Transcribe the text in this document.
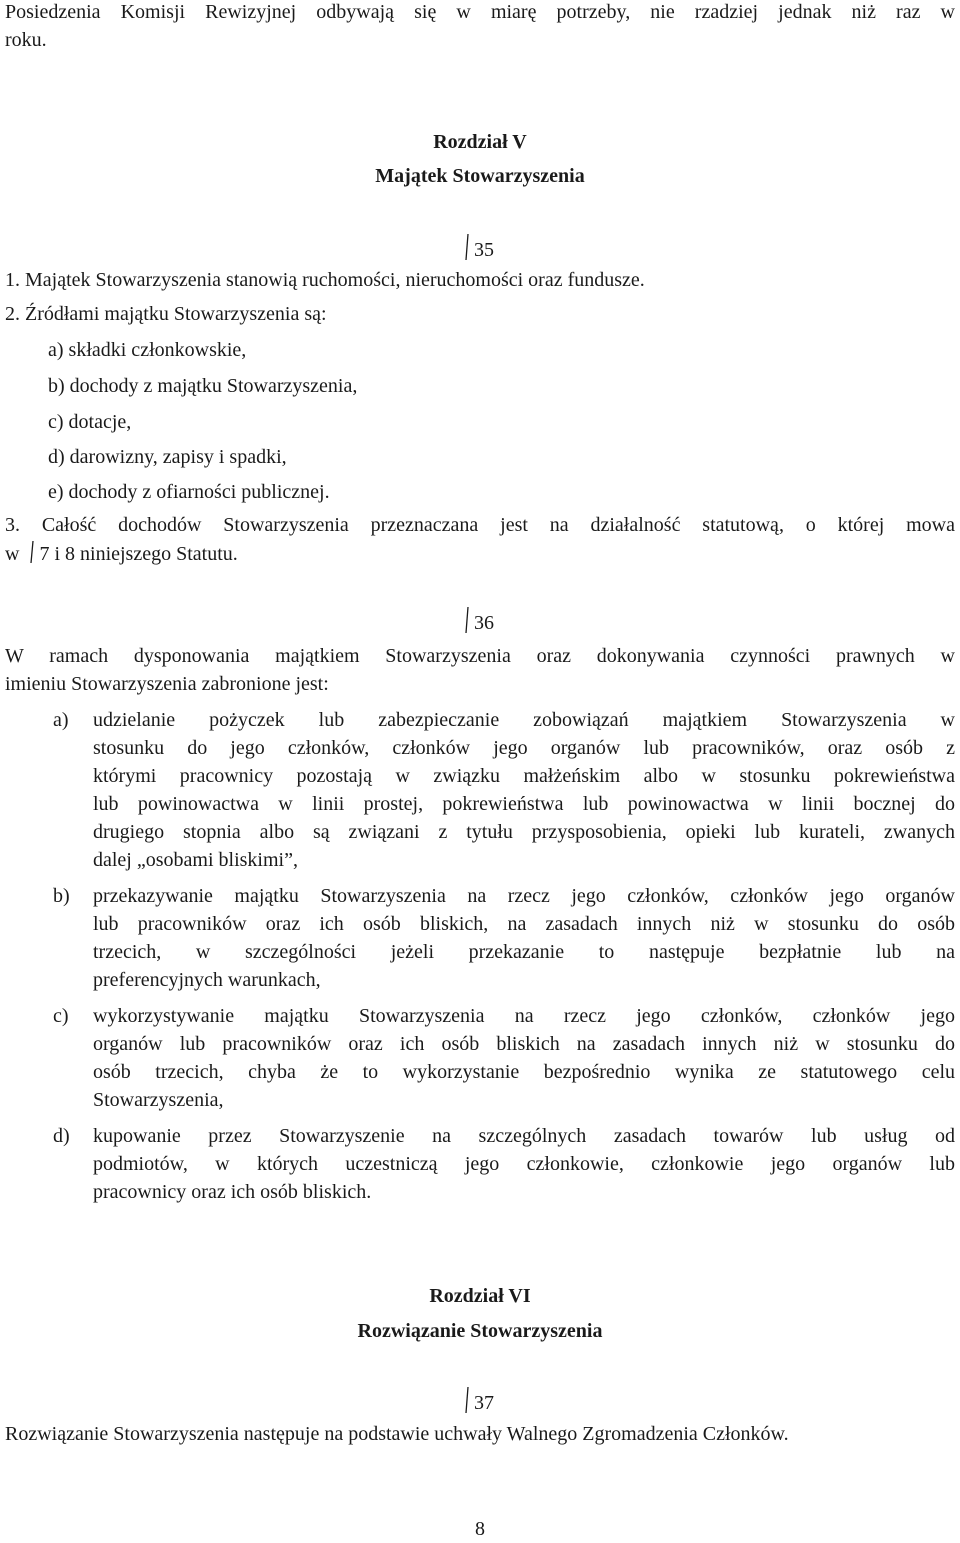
Posiedzenia Komisji Rewizyjnej odbywają się w miarę potrzeby, nie rzadziej jednak niż raz w
roku.
Rozdział V
Majątek Stowarzyszenia
35
1. Majątek Stowarzyszenia stanowią ruchomości, nieruchomości oraz fundusze.
2. Źródłami majątku Stowarzyszenia są:
a) składki członkowskie,
b) dochody z majątku Stowarzyszenia,
c) dotacje,
d) darowizny, zapisy i spadki,
e) dochody z ofiarności publicznej.
3. Całość dochodów Stowarzyszenia przeznaczana jest na działalność statutową, o której mowa
w 7 i 8 niniejszego Statutu.
36
W ramach dysponowania majątkiem Stowarzyszenia oraz dokonywania czynności prawnych w
imieniu Stowarzyszenia zabronione jest:
a) udzielanie pożyczek lub zabezpieczanie zobowiązań majątkiem Stowarzyszenia w
stosunku do jego członków, członków jego organów lub pracowników, oraz osób z
którymi pracownicy pozostają w związku małżeńskim albo w stosunku pokrewieństwa
lub powinowactwa w linii prostej, pokrewieństwa lub powinowactwa w linii bocznej do
drugiego stopnia albo są związani z tytułu przysposobienia, opieki lub kurateli, zwanych
dalej „osobami bliskimi”,
b) przekazywanie majątku Stowarzyszenia na rzecz jego członków, członków jego organów
lub pracowników oraz ich osób bliskich, na zasadach innych niż w stosunku do osób
trzecich, w szczególności jeżeli przekazanie to następuje bezpłatnie lub na
preferencyjnych warunkach,
c) wykorzystywanie majątku Stowarzyszenia na rzecz jego członków, członków jego
organów lub pracowników oraz ich osób bliskich na zasadach innych niż w stosunku do
osób trzecich, chyba że to wykorzystanie bezpośrednio wynika ze statutowego celu
Stowarzyszenia,
d) kupowanie przez Stowarzyszenie na szczególnych zasadach towarów lub usług od
podmiotów, w których uczestniczą jego członkowie, członkowie jego organów lub
pracownicy oraz ich osób bliskich.
Rozdział VI
Rozwiązanie Stowarzyszenia
37
Rozwiązanie Stowarzyszenia następuje na podstawie uchwały Walnego Zgromadzenia Członków.
8
